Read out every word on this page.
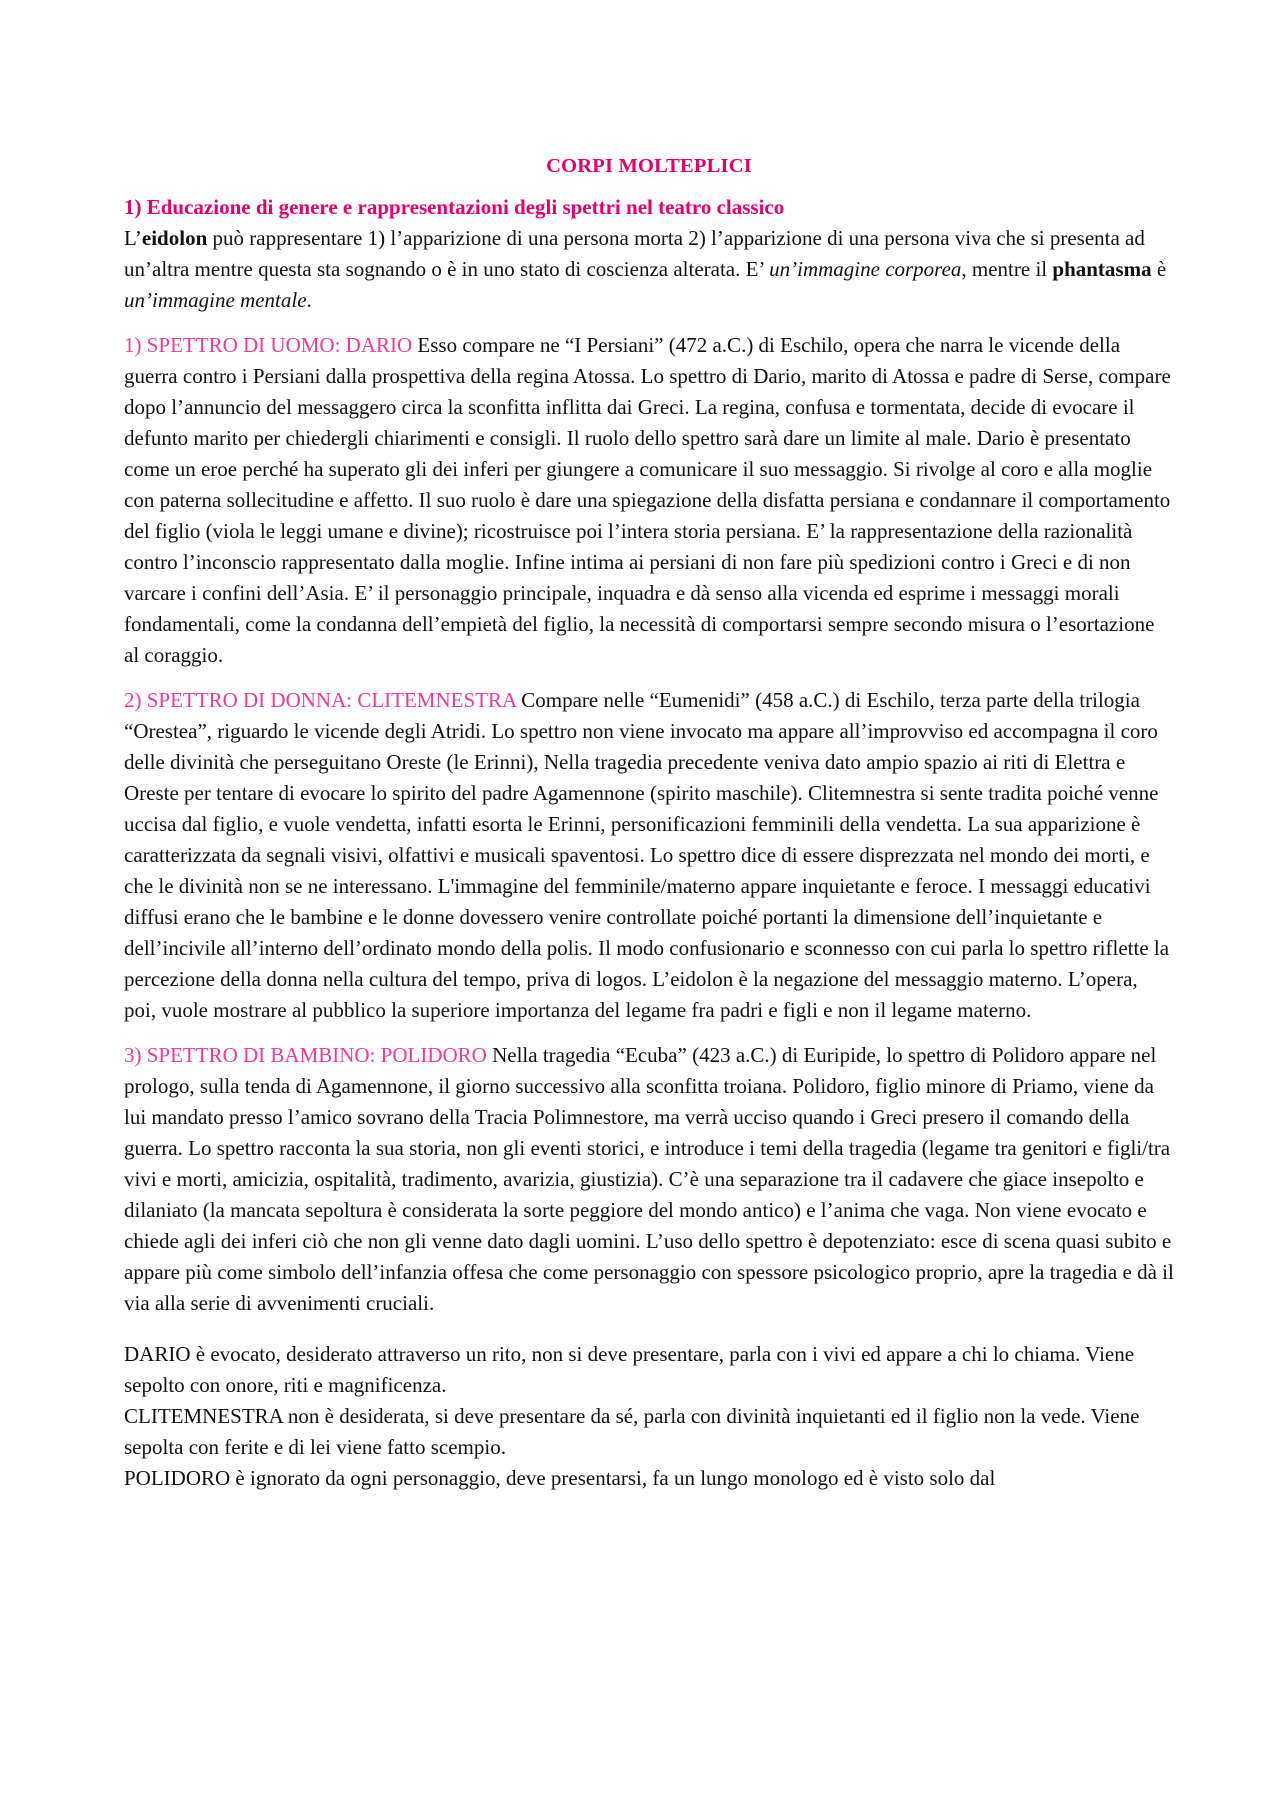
CORPI MOLTEPLICI
1) Educazione di genere e rappresentazioni degli spettri nel teatro classico

L’eidolon può rappresentare 1) l’apparizione di una persona morta 2) l’apparizione di una persona viva che si presenta ad un’altra mentre questa sta sognando o è in uno stato di coscienza alterata. E’ un’immagine corporea, mentre il phantasma è un’immagine mentale.

1) SPETTRO DI UOMO: DARIO Esso compare ne “I Persiani” (472 a.C.) di Eschilo, opera che narra le vicende della guerra contro i Persiani dalla prospettiva della regina Atossa. Lo spettro di Dario, marito di Atossa e padre di Serse, compare dopo l’annuncio del messaggero circa la sconfitta inflitta dai Greci. La regina, confusa e tormentata, decide di evocare il defunto marito per chiedergli chiarimenti e consigli. Il ruolo dello spettro sarà dare un limite al male. Dario è presentato come un eroe perché ha superato gli dei inferi per giungere a comunicare il suo messaggio. Si rivolge al coro e alla moglie con paterna sollecitudine e affetto. Il suo ruolo è dare una spiegazione della disfatta persiana e condannare il comportamento del figlio (viola le leggi umane e divine); ricostruisce poi l’intera storia persiana. E’ la rappresentazione della razionalità contro l’inconscio rappresentato dalla moglie. Infine intima ai persiani di non fare più spedizioni contro i Greci e di non varcare i confini dell’Asia. E’ il personaggio principale, inquadra e dà senso alla vicenda ed esprime i messaggi morali fondamentali, come la condanna dell’empietà del figlio, la necessità di comportarsi sempre secondo misura o l’esortazione al coraggio.

2) SPETTRO DI DONNA: CLITEMNESTRA Compare nelle “Eumenidi” (458 a.C.) di Eschilo, terza parte della trilogia “Orestea”, riguardo le vicende degli Atridi. Lo spettro non viene invocato ma appare all’improvviso ed accompagna il coro delle divinità che perseguitano Oreste (le Erinni), Nella tragedia precedente veniva dato ampio spazio ai riti di Elettra e Oreste per tentare di evocare lo spirito del padre Agamennone (spirito maschile). Clitemnestra si sente tradita poiché venne uccisa dal figlio, e vuole vendetta, infatti esorta le Erinni, personificazioni femminili della vendetta. La sua apparizione è caratterizzata da segnali visivi, olfattivi e musicali spaventosi. Lo spettro dice di essere disprezzata nel mondo dei morti, e che le divinità non se ne interessano. L'immagine del femminile/materno appare inquietante e feroce. I messaggi educativi diffusi erano che le bambine e le donne dovessero venire controllate poiché portanti la dimensione dell’inquietante e dell’incivile all’interno dell’ordinato mondo della polis. Il modo confusionario e sconnesso con cui parla lo spettro riflette la percezione della donna nella cultura del tempo, priva di logos. L’eidolon è la negazione del messaggio materno. L’opera, poi, vuole mostrare al pubblico la superiore importanza del legame fra padri e figli e non il legame materno.

3) SPETTRO DI BAMBINO: POLIDORO Nella tragedia “Ecuba” (423 a.C.) di Euripide, lo spettro di Polidoro appare nel prologo, sulla tenda di Agamennone, il giorno successivo alla sconfitta troiana. Polidoro, figlio minore di Priamo, viene da lui mandato presso l’amico sovrano della Tracia Polimnestore, ma verrà ucciso quando i Greci presero il comando della guerra. Lo spettro racconta la sua storia, non gli eventi storici, e introduce i temi della tragedia (legame tra genitori e figli/tra vivi e morti, amicizia, ospitalità, tradimento, avarizia, giustizia). C’è una separazione tra il cadavere che giace insepolto e dilaniato (la mancata sepoltura è considerata la sorte peggiore del mondo antico) e l’anima che vaga. Non viene evocato e chiede agli dei inferi ciò che non gli venne dato dagli uomini. L’uso dello spettro è depotenziato: esce di scena quasi subito e appare più come simbolo dell’infanzia offesa che come personaggio con spessore psicologico proprio, apre la tragedia e dà il via alla serie di avvenimenti cruciali.

DARIO è evocato, desiderato attraverso un rito, non si deve presentare, parla con i vivi ed appare a chi lo chiama. Viene sepolto con onore, riti e magnificenza.

CLITEMNESTRA non è desiderata, si deve presentare da sé, parla con divinità inquietanti ed il figlio non la vede. Viene sepolta con ferite e di lei viene fatto scempio.

POLIDORO è ignorato da ogni personaggio, deve presentarsi, fa un lungo monologo ed è visto solo dal
